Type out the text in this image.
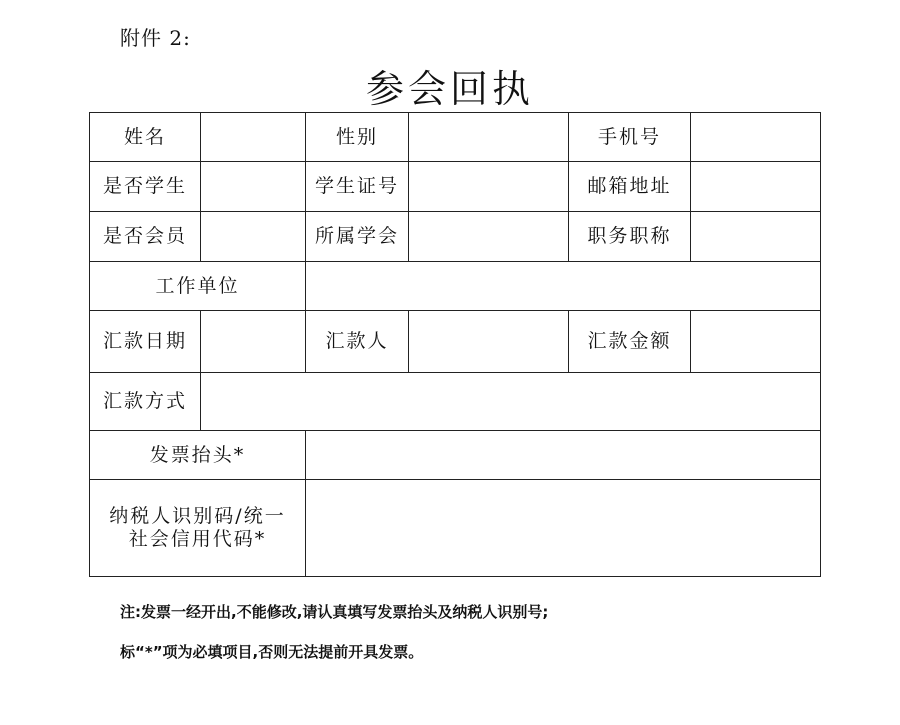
附件 2:
参会回执
姓名		性别		手机号	
是否学生		学生证号		邮箱地址	
是否会员		所属学会		职务职称	
工作单位					
汇款日期		汇款人		汇款金额	
汇款方式					
发票抬头*					

纳税人识别码/统一
社会信用代码*					

注:发票一经开出,不能修改,请认真填写发票抬头及纳税人识别号;
标“*”项为必填项目,否则无法提前开具发票。
